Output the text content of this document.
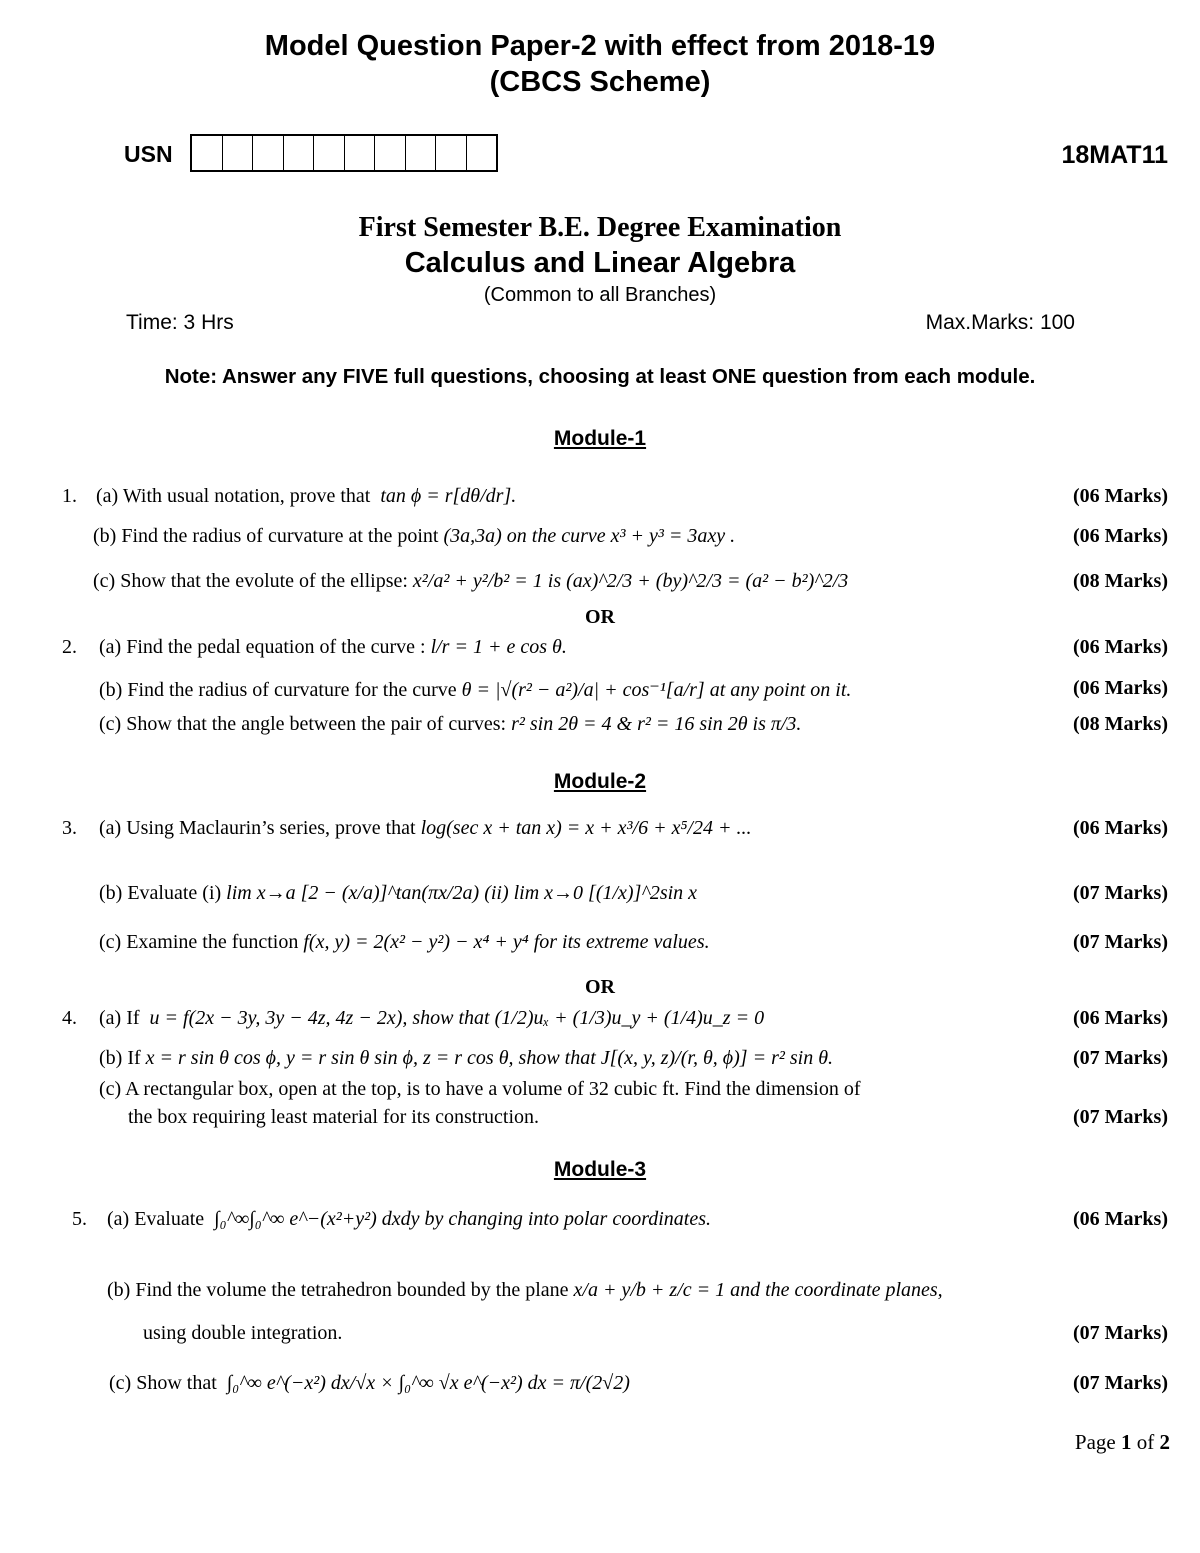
Model Question Paper-2 with effect from 2018-19
(CBCS Scheme)
USN	18MAT11
First Semester B.E. Degree Examination
Calculus and Linear Algebra
(Common to all Branches)
Time: 3 Hrs	Max.Marks: 100
Note: Answer any FIVE full questions, choosing at least ONE question from each module.
Module-1
1. (a) With usual notation, prove that tan ϕ = r[dθ/dr].	(06 Marks)
(b) Find the radius of curvature at the point (3a,3a) on the curve x³ + y³ = 3axy .	(06 Marks)
(c) Show that the evolute of the ellipse: x²/a² + y²/b² = 1 is (ax)^2/3 + (by)^2/3 = (a² − b²)^2/3	(08 Marks)
OR
2. (a) Find the pedal equation of the curve : l/r = 1 + e cos θ.	(06 Marks)
(b) Find the radius of curvature for the curve θ = |√(r² − a²)/a| + cos⁻¹[a/r] at any point on it.	(06 Marks)
(c) Show that the angle between the pair of curves: r² sin 2θ = 4 & r² = 16 sin 2θ is π/3.	(08 Marks)
Module-2
3. (a) Using Maclaurin’s series, prove that log(sec x + tan x) = x + x³/6 + x⁵/24 + ...	(06 Marks)
(b) Evaluate (i) lim x→a [2 − (x/a)]^tan(πx/2a) (ii) lim x→0 [(1/x)]^2sin x	(07 Marks)
(c) Examine the function f(x, y) = 2(x² − y²) − x⁴ + y⁴ for its extreme values.	(07 Marks)
OR
4. (a) If u = f(2x − 3y, 3y − 4z, 4z − 2x), show that (1/2)uₓ + (1/3)u_y + (1/4)u_z = 0	(06 Marks)
(b) If x = r sin θ cos ϕ, y = r sin θ sin ϕ, z = r cos θ, show that J[(x, y, z)/(r, θ, ϕ)] = r² sin θ.	(07 Marks)
(c) A rectangular box, open at the top, is to have a volume of 32 cubic ft. Find the dimension of
the box requiring least material for its construction.	(07 Marks)
Module-3
5. (a) Evaluate ∫₀^∞∫₀^∞ e^−(x²+y²) dxdy by changing into polar coordinates.	(06 Marks)
(b) Find the volume the tetrahedron bounded by the plane x/a + y/b + z/c = 1 and the coordinate planes,
using double integration.	(07 Marks)
(c) Show that ∫₀^∞ e^(−x²) dx/√x × ∫₀^∞ √x e^(−x²) dx = π/(2√2)	(07 Marks)
Page 1 of 2
